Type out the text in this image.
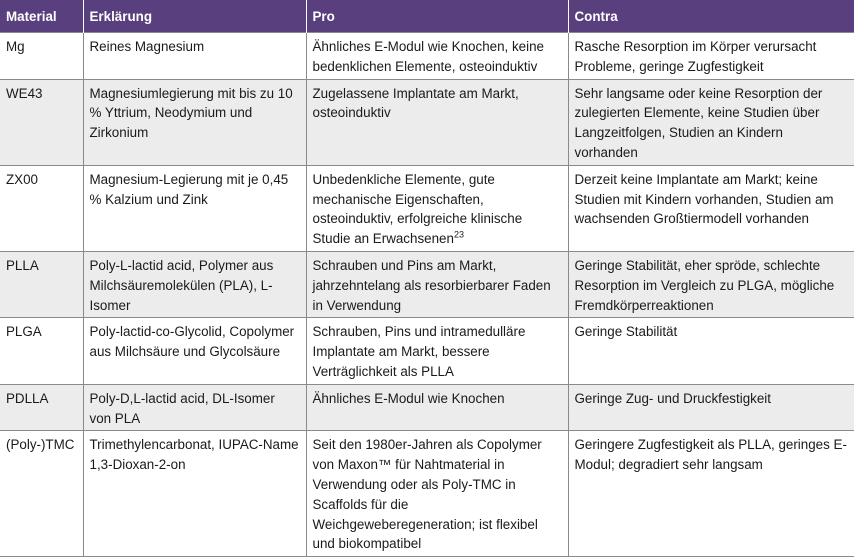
Material	Erklärung	Pro	Contra
Mg	Reines Magnesium	Ähnliches E-Modul wie Knochen, keine bedenklichen Elemente, osteoinduktiv	Rasche Resorption im Körper verursacht Probleme, geringe Zugfestigkeit
WE43	Magnesiumlegierung mit bis zu 10 % Yttrium, Neodymium und Zirkonium	Zugelassene Implantate am Markt, osteoinduktiv	Sehr langsame oder keine Resorption der zulegierten Elemente, keine Studien über Langzeitfolgen, Studien an Kindern vorhanden
ZX00	Magnesium-Legierung mit je 0,45 % Kalzium und Zink	Unbedenkliche Elemente, gute mechanische Eigenschaften, osteoinduktiv, erfolgreiche klinische Studie an Erwachsenen$^{23}$	Derzeit keine Implantate am Markt; keine Studien mit Kindern vorhanden, Studien am wachsenden Großtiermodell vorhanden
PLLA	Poly-L-lactid acid, Polymer aus Milchsäuremolekülen (PLA), L-Isomer	Schrauben und Pins am Markt, jahrzehntelang als resorbierbarer Faden in Verwendung	Geringe Stabilität, eher spröde, schlechte Resorption im Vergleich zu PLGA, mögliche Fremdkörperreaktionen
PLGA	Poly-lactid-co-Glycolid, Copolymer aus Milchsäure und Glycolsäure	Schrauben, Pins und intramedulläre Implantate am Markt, bessere Verträglichkeit als PLLA	Geringe Stabilität
PDLLA	Poly-D,L-lactid acid, DL-Isomer von PLA	Ähnliches E-Modul wie Knochen	Geringe Zug- und Druckfestigkeit
(Poly-)TMC	Trimethylencarbonat, IUPAC-Name 1,3-Dioxan-2-on	Seit den 1980er-Jahren als Copolymer von Maxon™ für Nahtmaterial in Verwendung oder als Poly-TMC in Scaffolds für die Weichgeweberegeneration; ist flexibel und biokompatibel	Geringere Zugfestigkeit als PLLA, geringes E-Modul; degradiert sehr langsam
